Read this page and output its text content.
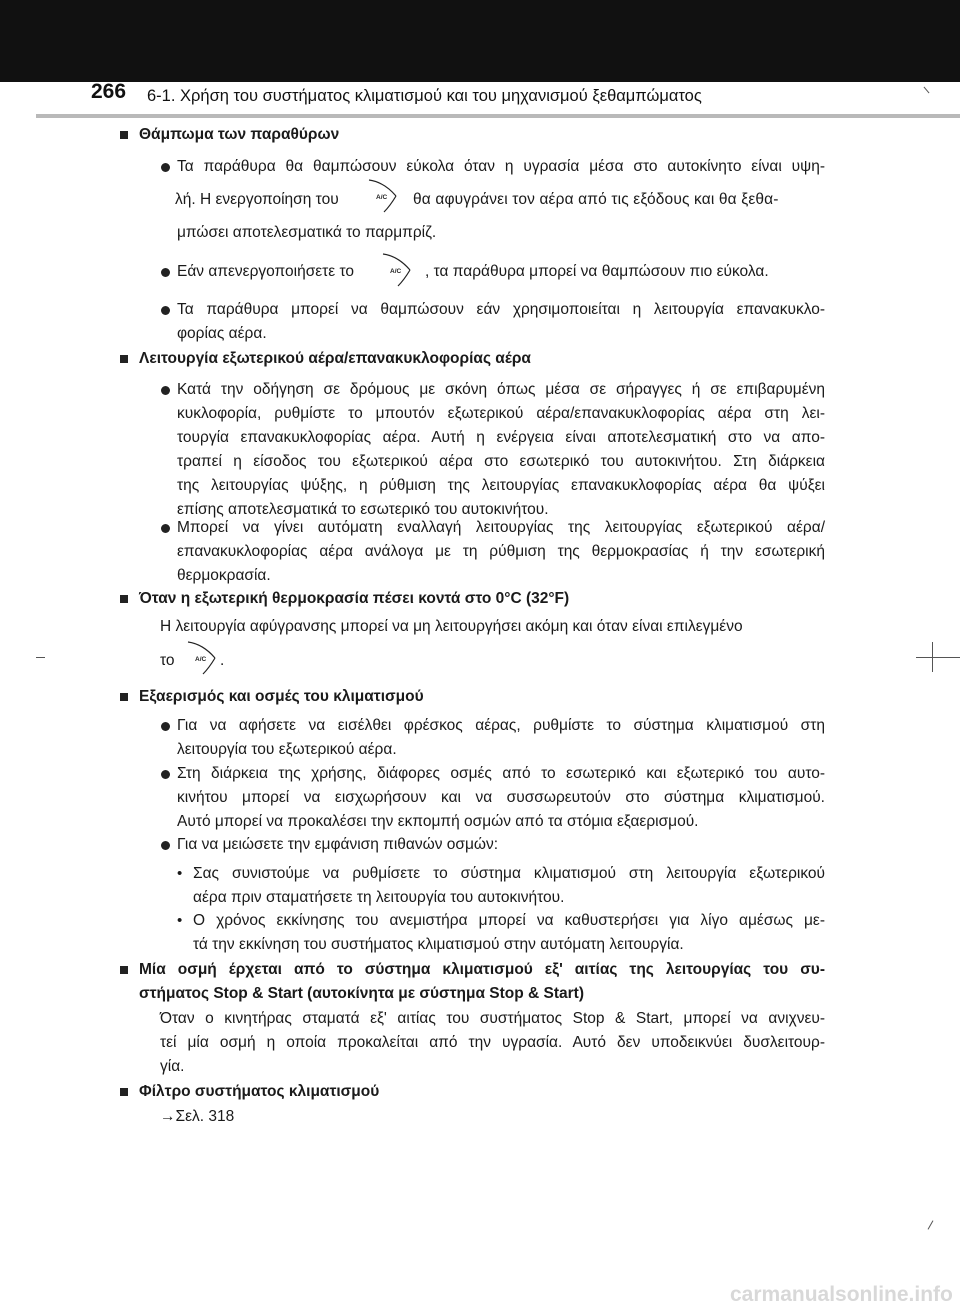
266 6-1. Χρήση του συστήματος κλιματισμού και του μηχανισμού ξεθαμπώματος
Θάμπωμα των παραθύρων
Τα παράθυρα θα θαμπώσουν εύκολα όταν η υγρασία μέσα στο αυτοκίνητο είναι υψη-
λή. Η ενεργοποίηση του	θα αφυγράνει τον αέρα από τις εξόδους και θα ξεθα-
A/C
μπώσει αποτελεσματικά το παρμπρίζ.
Εάν απενεργοποιήσετε το	, τα παράθυρα μπορεί να θαμπώσουν πιο εύκολα.
A/C
Τα παράθυρα μπορεί να θαμπώσουν εάν χρησιμοποιείται η λειτουργία επανακυκλο-
φορίας αέρα.
Λειτουργία εξωτερικού αέρα/επανακυκλοφορίας αέρα
Κατά την οδήγηση σε δρόμους με σκόνη όπως μέσα σε σήραγγες ή σε επιβαρυμένη
κυκλοφορία, ρυθμίστε το μπουτόν εξωτερικού αέρα/επανακυκλοφορίας αέρα στη λει-
τουργία επανακυκλοφορίας αέρα. Αυτή η ενέργεια είναι αποτελεσματική στο να απο-
τραπεί η είσοδος του εξωτερικού αέρα στο εσωτερικό του αυτοκινήτου. Στη διάρκεια
της λειτουργίας ψύξης, η ρύθμιση της λειτουργίας επανακυκλοφορίας αέρα θα ψύξει
επίσης αποτελεσματικά το εσωτερικό του αυτοκινήτου.
Μπορεί να γίνει αυτόματη εναλλαγή λειτουργίας της λειτουργίας εξωτερικού αέρα/
επανακυκλοφορίας αέρα ανάλογα με τη ρύθμιση της θερμοκρασίας ή την εσωτερική
θερμοκρασία.
Όταν η εξωτερική θερμοκρασία πέσει κοντά στο 0°C (32°F)
Η λειτουργία αφύγρανσης μπορεί να μη λειτουργήσει ακόμη και όταν είναι επιλεγμένο
το	.
A/C
Εξαερισμός και οσμές του κλιματισμού
Για να αφήσετε να εισέλθει φρέσκος αέρας, ρυθμίστε το σύστημα κλιματισμού στη
λειτουργία του εξωτερικού αέρα.
Στη διάρκεια της χρήσης, διάφορες οσμές από το εσωτερικό και εξωτερικό του αυτο-
κινήτου μπορεί να εισχωρήσουν και να συσσωρευτούν στο σύστημα κλιματισμού.
Αυτό μπορεί να προκαλέσει την εκπομπή οσμών από τα στόμια εξαερισμού.
Για να μειώσετε την εμφάνιση πιθανών οσμών:
• Σας συνιστούμε να ρυθμίσετε το σύστημα κλιματισμού στη λειτουργία εξωτερικού
αέρα πριν σταματήσετε τη λειτουργία του αυτοκινήτου.
• Ο χρόνος εκκίνησης του ανεμιστήρα μπορεί να καθυστερήσει για λίγο αμέσως με-
τά την εκκίνηση του συστήματος κλιματισμού στην αυτόματη λειτουργία.
Μία οσμή έρχεται από το σύστημα κλιματισμού εξ' αιτίας της λειτουργίας του συ-
στήματος Stop & Start (αυτοκίνητα με σύστημα Stop & Start)
Όταν ο κινητήρας σταματά εξ' αιτίας του συστήματος Stop & Start, μπορεί να ανιχνευ-
τεί μία οσμή η οποία προκαλείται από την υγρασία. Αυτό δεν υποδεικνύει δυσλειτουρ-
γία.
Φίλτρο συστήματος κλιματισμού
→Σελ. 318
carmanualsonline.info
